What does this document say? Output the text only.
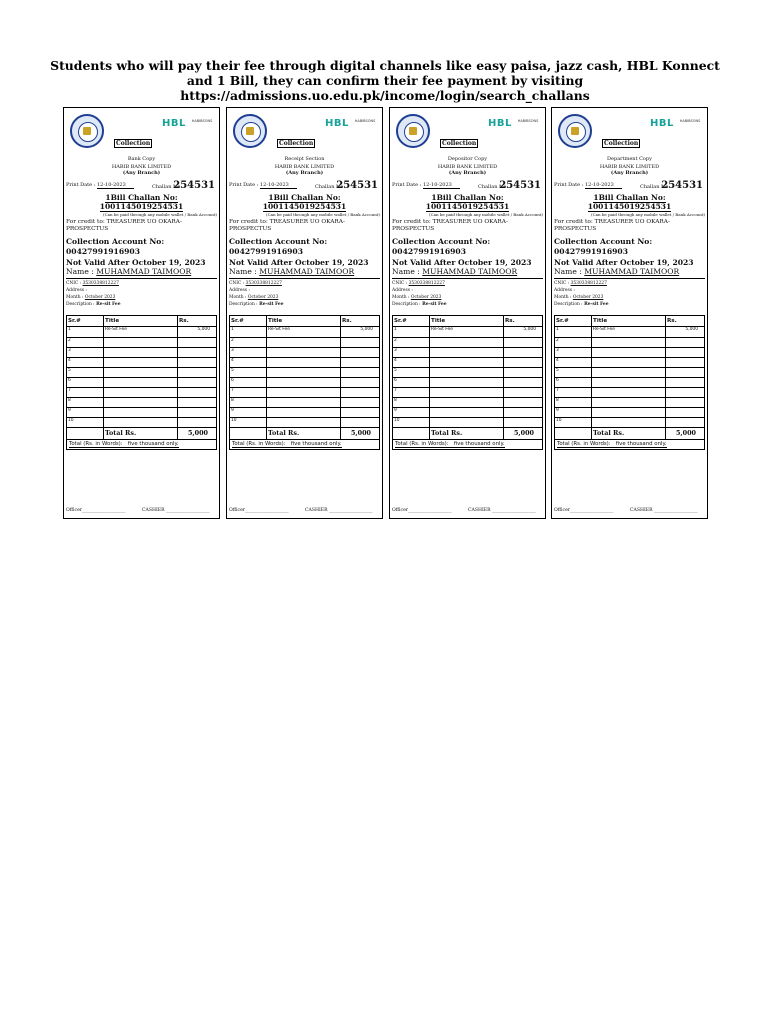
Students who will pay their fee through digital channels like easy paisa, jazz cash, HBL Konnect and 1 Bill, they can confirm their fee payment by visiting https://admissions.uo.edu.pk/income/login/search_challans
Collection
HBL	HABIBSONS
Bank Copy
HABIB BANK LIMITED
(Any Branch)
Print Date : 12-10-2023	Challan No.
254531
1Bill Challan No: 1001145019254531
(Can be paid through any mobile wallet / Bank Account)
For credit to: TREASURER UO OKARA-
PROSPECTUS
Collection Account No:
00427991916903
Not Valid After October 19, 2023
Name : MUHAMMAD TAIMOOR
CNIC : 3530338812227
Address :
Month : October 2023
Description : Re-sit Fee
Sr.#	Title	Rs.
1	Re-Sit Fee	5,000
2		
3		
4		
5		
6		
7		
8		
9		
10		
	Total Rs.	5,000
Total (Rs. in Words): five thousand only.
Officer___________________	CASHIER ___________________
Collection
HBL	HABIBSONS
Receipt Section
HABIB BANK LIMITED
(Any Branch)
Print Date : 12-10-2023	Challan No.
254531
1Bill Challan No: 1001145019254531
(Can be paid through any mobile wallet / Bank Account)
For credit to: TREASURER UO OKARA-
PROSPECTUS
Collection Account No:
00427991916903
Not Valid After October 19, 2023
Name : MUHAMMAD TAIMOOR
CNIC : 3530338812227
Address :
Month : October 2023
Description : Re-sit Fee
Sr.#	Title	Rs.
1	Re-Sit Fee	5,000
2		
3		
4		
5		
6		
7		
8		
9		
10		
	Total Rs.	5,000
Total (Rs. in Words): five thousand only.
Officer___________________	CASHIER ___________________
Collection
HBL	HABIBSONS
Depositor Copy
HABIB BANK LIMITED
(Any Branch)
Print Date : 12-10-2023	Challan No.
254531
1Bill Challan No: 1001145019254531
(Can be paid through any mobile wallet / Bank Account)
For credit to: TREASURER UO OKARA-
PROSPECTUS
Collection Account No:
00427991916903
Not Valid After October 19, 2023
Name : MUHAMMAD TAIMOOR
CNIC : 3530338812227
Address :
Month : October 2023
Description : Re-sit Fee
Sr.#	Title	Rs.
1	Re-Sit Fee	5,000
2		
3		
4		
5		
6		
7		
8		
9		
10		
	Total Rs.	5,000
Total (Rs. in Words): five thousand only.
Officer___________________	CASHIER ___________________
Collection
HBL	HABIBSONS
Department Copy
HABIB BANK LIMITED
(Any Branch)
Print Date : 12-10-2023	Challan No.
254531
1Bill Challan No: 1001145019254531
(Can be paid through any mobile wallet / Bank Account)
For credit to: TREASURER UO OKARA-
PROSPECTUS
Collection Account No:
00427991916903
Not Valid After October 19, 2023
Name : MUHAMMAD TAIMOOR
CNIC : 3530338812227
Address :
Month : October 2023
Description : Re-sit Fee
Sr.#	Title	Rs.
1	Re-Sit Fee	5,000
2		
3		
4		
5		
6		
7		
8		
9		
10		
	Total Rs.	5,000
Total (Rs. in Words): five thousand only.
Officer___________________	CASHIER ___________________
